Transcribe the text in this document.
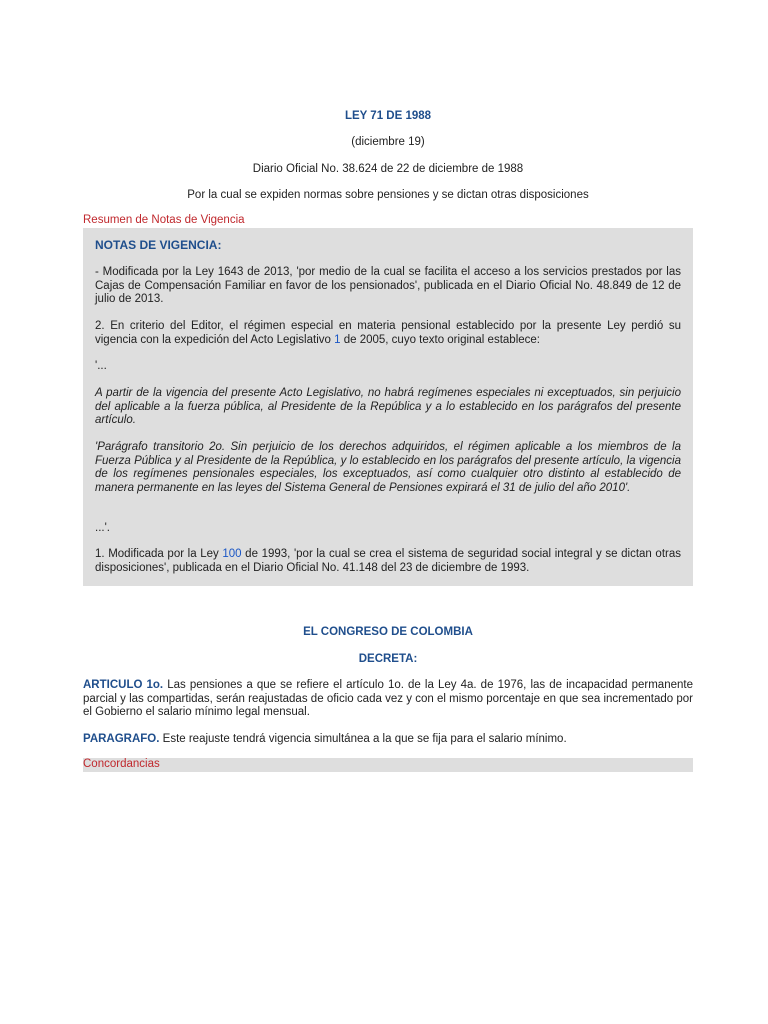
LEY 71 DE 1988

(diciembre 19)

Diario Oficial No. 38.624 de 22 de diciembre de 1988

Por la cual se expiden normas sobre pensiones y se dictan otras disposiciones

Resumen de Notas de Vigencia

NOTAS DE VIGENCIA:

- Modificada por la Ley 1643 de 2013, 'por medio de la cual se facilita el acceso a los servicios prestados por las Cajas de Compensación Familiar en favor de los pensionados', publicada en el Diario Oficial No. 48.849 de 12 de julio de 2013.

2. En criterio del Editor, el régimen especial en materia pensional establecido por la presente Ley perdió su vigencia con la expedición del Acto Legislativo 1 de 2005, cuyo texto original establece:

'...

A partir de la vigencia del presente Acto Legislativo, no habrá regímenes especiales ni exceptuados, sin perjuicio del aplicable a la fuerza pública, al Presidente de la República y a lo establecido en los parágrafos del presente artículo.

'Parágrafo transitorio 2o. Sin perjuicio de los derechos adquiridos, el régimen aplicable a los miembros de la Fuerza Pública y al Presidente de la República, y lo establecido en los parágrafos del presente artículo, la vigencia de los regímenes pensionales especiales, los exceptuados, así como cualquier otro distinto al establecido de manera permanente en las leyes del Sistema General de Pensiones expirará el 31 de julio del año 2010'.

...'.

1. Modificada por la Ley 100 de 1993, 'por la cual se crea el sistema de seguridad social integral y se dictan otras disposiciones', publicada en el Diario Oficial No. 41.148 del 23 de diciembre de 1993.

EL CONGRESO DE COLOMBIA

DECRETA:

ARTICULO 1o. Las pensiones a que se refiere el artículo 1o. de la Ley 4a. de 1976, las de incapacidad permanente parcial y las compartidas, serán reajustadas de oficio cada vez y con el mismo porcentaje en que sea incrementado por el Gobierno el salario mínimo legal mensual.

PARAGRAFO. Este reajuste tendrá vigencia simultánea a la que se fija para el salario mínimo.

Concordancias
